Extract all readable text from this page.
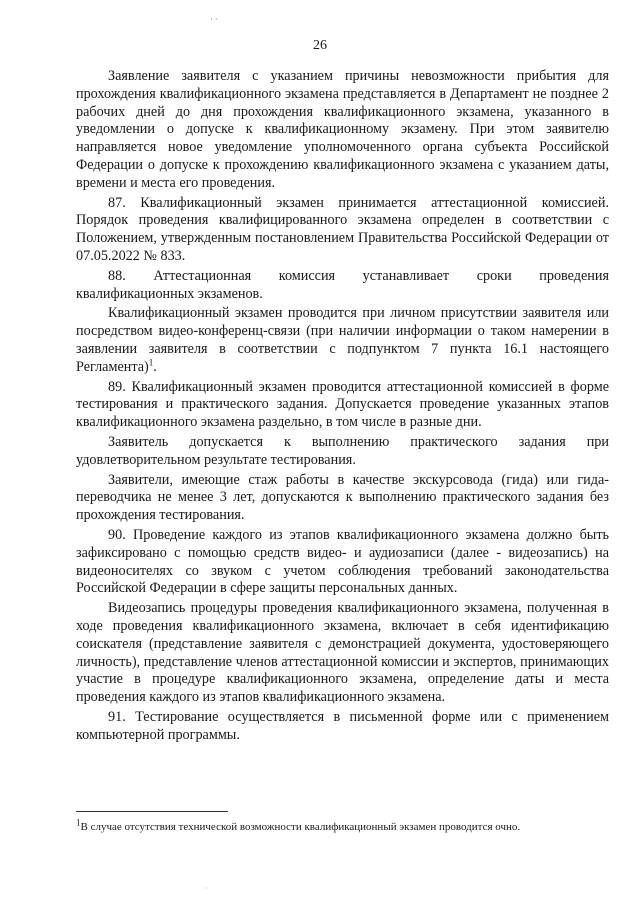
· ·
26

Заявление заявителя с указанием причины невозможности прибытия для прохождения квалификационного экзамена представляется в Департамент не позднее 2 рабочих дней до дня прохождения квалификационного экзамена, указанного в уведомлении о допуске к квалификационному экзамену. При этом заявителю направляется новое уведомление уполномоченного органа субъекта Российской Федерации о допуске к прохождению квалификационного экзамена с указанием даты, времени и места его проведения.

87. Квалификационный экзамен принимается аттестационной комиссией. Порядок проведения квалифицированного экзамена определен в соответствии с Положением, утвержденным постановлением Правительства Российской Федерации от 07.05.2022 № 833.

88. Аттестационная комиссия устанавливает сроки проведения квалификационных экзаменов.

Квалификационный экзамен проводится при личном присутствии заявителя или посредством видео-конференц-связи (при наличии информации о таком намерении в заявлении заявителя в соответствии с подпунктом 7 пункта 16.1 настоящего Регламента)$^1$.

89. Квалификационный экзамен проводится аттестационной комиссией в форме тестирования и практического задания. Допускается проведение указанных этапов квалификационного экзамена раздельно, в том числе в разные дни.

Заявитель допускается к выполнению практического задания при удовлетворительном результате тестирования.

Заявители, имеющие стаж работы в качестве экскурсовода (гида) или гида-переводчика не менее 3 лет, допускаются к выполнению практического задания без прохождения тестирования.

90. Проведение каждого из этапов квалификационного экзамена должно быть зафиксировано с помощью средств видео- и аудиозаписи (далее - видеозапись) на видеоносителях со звуком с учетом соблюдения требований законодательства Российской Федерации в сфере защиты персональных данных.

Видеозапись процедуры проведения квалификационного экзамена, полученная в ходе проведения квалификационного экзамена, включает в себя идентификацию соискателя (представление заявителя с демонстрацией документа, удостоверяющего личность), представление членов аттестационной комиссии и экспертов, принимающих участие в процедуре квалификационного экзамена, определение даты и места проведения каждого из этапов квалификационного экзамена.

91. Тестирование осуществляется в письменной форме или с применением компьютерной программы.

$^1$В случае отсутствия технической возможности квалификационный экзамен проводится очно.
·
